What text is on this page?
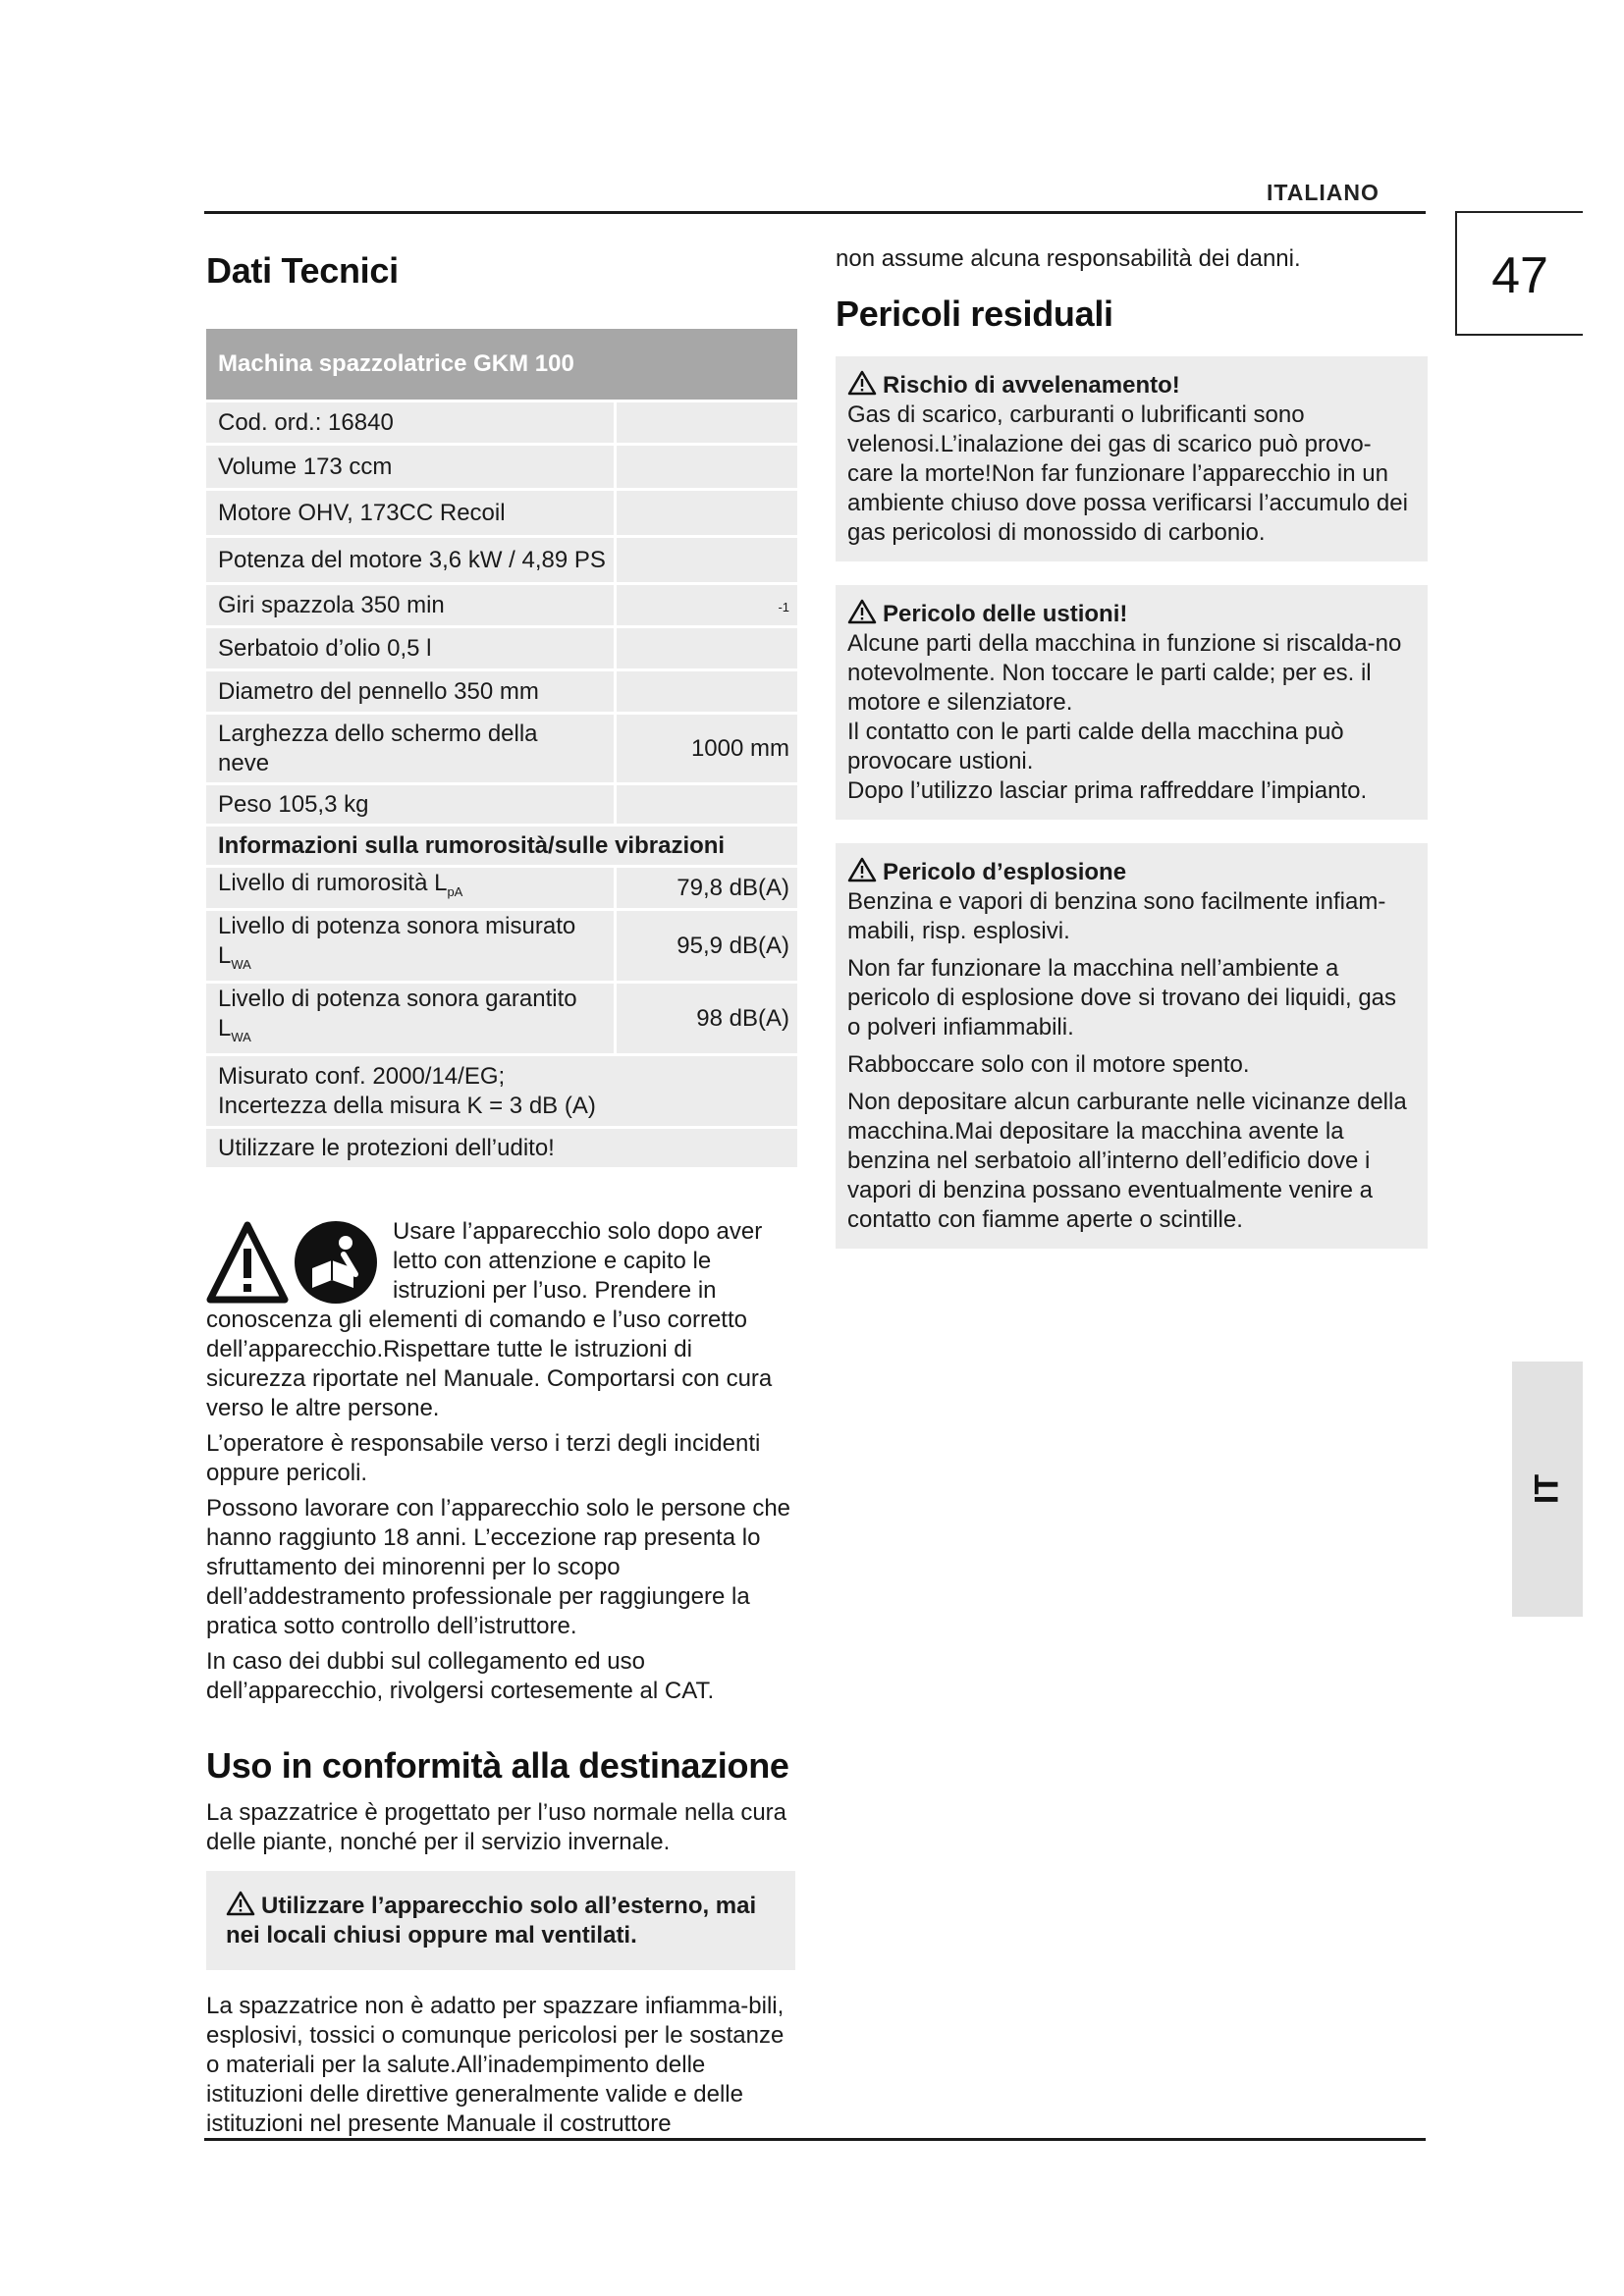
ITALIANO
47
IT
Dati Tecnici
Machina spazzolatrice GKM 100	
Cod. ord.: 16840	
Volume 173 ccm	
Motore OHV, 173CC Recoil	
Potenza del motore 3,6 kW / 4,89 PS	
Giri spazzola 350 min	-1
Serbatoio d’olio 0,5 l	
Diametro del pennello 350 mm	
Larghezza dello schermo della neve	1000 mm
Peso 105,3 kg	
Informazioni sulla rumorosità/sulle vibrazioni	
Livello di rumorosità $L_{pA}$	79,8 dB(A)
Livello di potenza sonora misurato $L_{WA}$	95,9 dB(A)
Livello di potenza sonora garantito $L_{WA}$	98 dB(A)

Misurato conf. 2000/14/EG;
Incertezza della misura K = 3 dB (A)	

Utilizzare le protezioni dell’udito!	

Usare l’apparecchio solo dopo aver letto con attenzione e capito le istruzioni per l’uso. Prendere in conoscenza gli elementi di comando e l’uso corretto dell’apparecchio.Rispettare tutte le istruzioni di sicurezza riportate nel Manuale. Comportarsi con cura verso le altre persone.

L’operatore è responsabile verso i terzi degli incidenti oppure pericoli.

Possono lavorare con l’apparecchio solo le persone che hanno raggiunto 18 anni. L’eccezione rap presenta lo sfruttamento dei minorenni per lo scopo dell’addestramento professionale per raggiungere la pratica sotto controllo dell’istruttore.

In caso dei dubbi sul collegamento ed uso dell’apparecchio, rivolgersi cortesemente al CAT.

Uso in conformità alla destinazione

La spazzatrice è progettato per l’uso normale nella cura delle piante, nonché per il servizio invernale.

Utilizzare l’apparecchio solo all’esterno, mai nei locali chiusi oppure mal ventilati.

La spazzatrice non è adatto per spazzare infiamma-bili, esplosivi, tossici o comunque pericolosi per le sostanze o materiali per la salute.All’inadempimento delle istituzioni delle direttive generalmente valide e delle istituzioni nel presente Manuale il costruttore

non assume alcuna responsabilità dei danni.

Pericoli residuali
Rischio di avvelenamento!

Gas di scarico, carburanti o lubrificanti sono velenosi.L’inalazione dei gas di scarico può provo-care la morte!Non far funzionare l’apparecchio in un ambiente chiuso dove possa verificarsi l’accumulo dei gas pericolosi di monossido di carbonio.

Pericolo delle ustioni!

Alcune parti della macchina in funzione si riscalda-no notevolmente. Non toccare le parti calde; per es. il motore e silenziatore.

Il contatto con le parti calde della macchina può provocare ustioni.

Dopo l’utilizzo lasciar prima raffreddare l’impianto.

Pericolo d’esplosione

Benzina e vapori di benzina sono facilmente infiam-mabili, risp. esplosivi.

Non far funzionare la macchina nell’ambiente a pericolo di esplosione dove si trovano dei liquidi, gas o polveri infiammabili.

Rabboccare solo con il motore spento.

Non depositare alcun carburante nelle vicinanze della macchina.Mai depositare la macchina avente la benzina nel serbatoio all’interno dell’edificio dove i vapori di benzina possano eventualmente venire a contatto con fiamme aperte o scintille.
